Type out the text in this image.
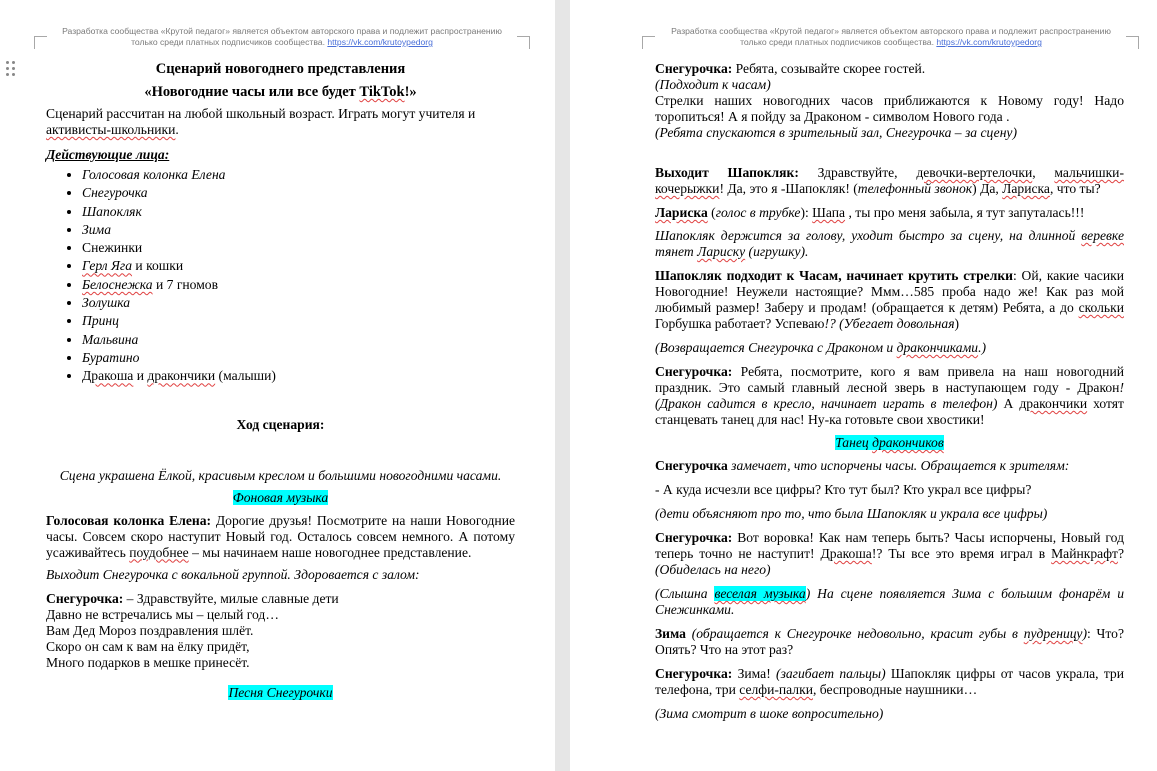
Разработка сообщества «Крутой педагог» является объектом авторского права и подлежит распространению
только среди платных подписчиков сообщества. https://vk.com/krutoypedorg

Сценарий новогоднего представления

«Новогодние часы или все будет TikTok!»

Сценарий рассчитан на любой школьный возраст. Играть могут учителя и
активисты-школьники.

Действующие лица:

• Голосовая колонка Елена
• Снегурочка
• Шапокляк
• Зима
• Снежинки
• Герл Яга и кошки
• Белоснежка и 7 гномов
• Золушка
• Принц
• Мальвина
• Буратино
• Дракоша и дракончики (малыши)

Ход сценария:

Сцена украшена Ёлкой, красивым креслом и большими новогодними часами.

Фоновая музыка

Голосовая колонка Елена: Дорогие друзья! Посмотрите на наши Новогодние часы. Совсем скоро наступит Новый год. Осталось совсем немного. А потому усаживайтесь поудобнее – мы начинаем наше новогоднее представление.

Выходит Снегурочка с вокальной группой. Здоровается с залом:

Снегурочка: – Здравствуйте, милые славные дети
Давно не встречались мы – целый год…
Вам Дед Мороз поздравления шлёт.
Скоро он сам к вам на ёлку придёт,
Много подарков в мешке принесёт.

Песня Снегурочки

Разработка сообщества «Крутой педагог» является объектом авторского права и подлежит распространению
только среди платных подписчиков сообщества. https://vk.com/krutoypedorg

Снегурочка: Ребята, созывайте скорее гостей.

(Подходит к часам)

Стрелки наших новогодних часов приближаются к Новому году! Надо торопиться! А я пойду за Драконом - символом Нового года .

(Ребята спускаются в зрительный зал, Снегурочка – за сцену)

Выходит Шапокляк: Здравствуйте, девочки-вертелочки, мальчишки-кочерыжки! Да, это я -Шапокляк! (телефонный звонок) Да, Лариска, что ты?

Лариска (голос в трубке): Шапа , ты про меня забыла, я тут запуталась!!!

Шапокляк держится за голову, уходит быстро за сцену, на длинной веревке тянет Лариску (игрушку).

Шапокляк подходит к Часам, начинает крутить стрелки: Ой, какие часики Новогодние! Неужели настоящие? Ммм…585 проба надо же! Как раз мой любимый размер! Заберу и продам! (обращается к детям) Ребята, а до скольки Горбушка работает? Успеваю!? (Убегает довольная)

(Возвращается Снегурочка с Драконом и дракончиками.)

Снегурочка: Ребята, посмотрите, кого я вам привела на наш новогодний праздник. Это самый главный лесной зверь в наступающем году - Дракон! (Дракон садится в кресло, начинает играть в телефон) А дракончики хотят станцевать танец для нас! Ну-ка готовьте свои хвостики!

Танец дракончиков

Снегурочка замечает, что испорчены часы. Обращается к зрителям:

- А куда исчезли все цифры? Кто тут был? Кто украл все цифры?

(дети объясняют про то, что была Шапокляк и украла все цифры)

Снегурочка: Вот воровка! Как нам теперь быть? Часы испорчены, Новый год теперь точно не наступит! Дракоша!? Ты все это время играл в Майнкрафт? (Обиделась на него)

(Слышна веселая музыка) На сцене появляется Зима с большим фонарём и Снежинками.

Зима (обращается к Снегурочке недовольно, красит губы в пудреницу): Что? Опять? Что на этот раз?

Снегурочка: Зима! (загибает пальцы) Шапокляк цифры от часов украла, три телефона, три селфи-палки, беспроводные наушники…

(Зима смотрит в шоке вопросительно)
